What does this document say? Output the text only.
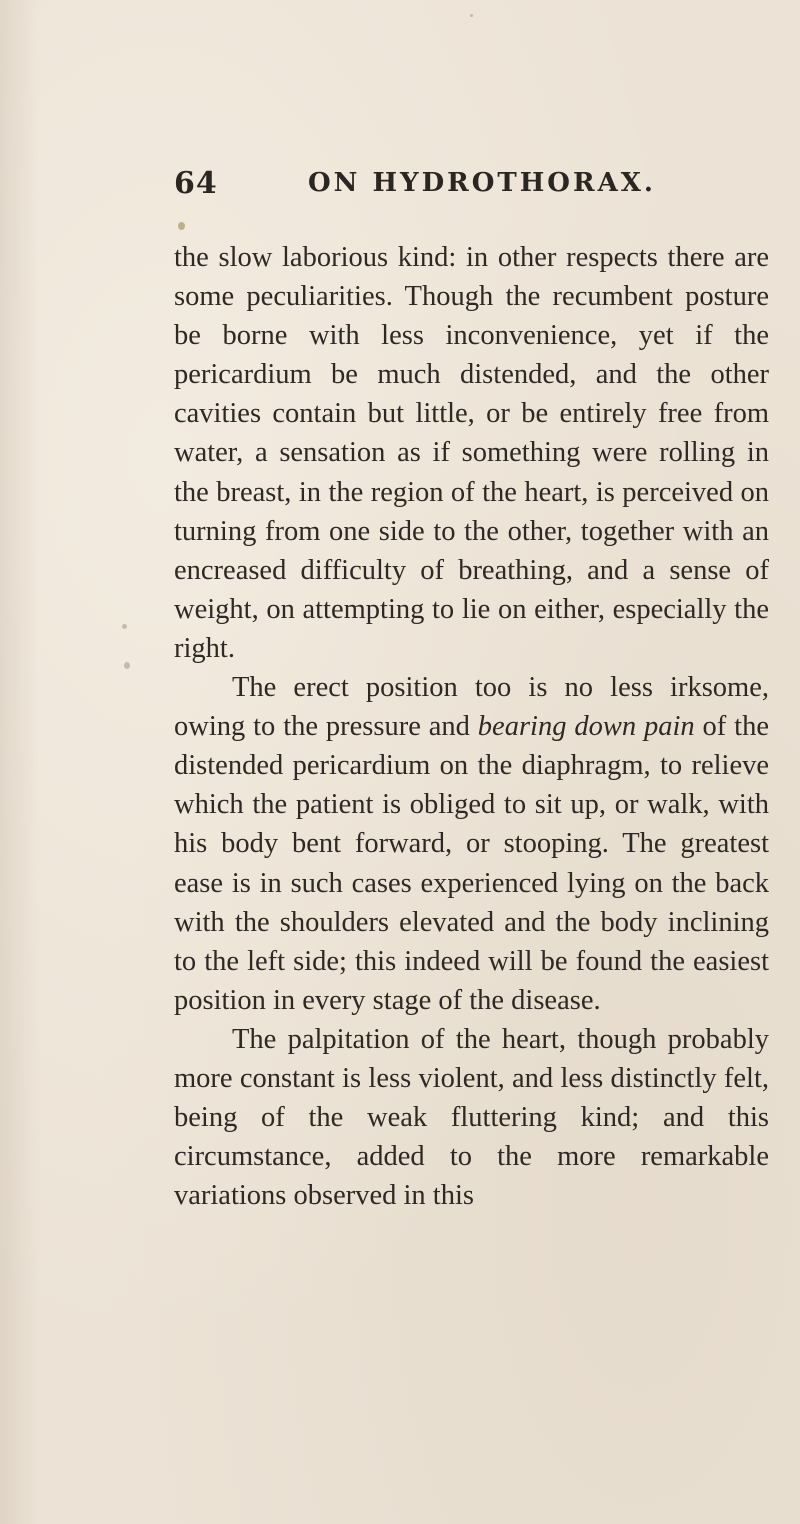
64	ON HYDROTHORAX.

the slow laborious kind: in other respects there are some peculiarities. Though the recumbent posture be borne with less inconvenience, yet if the pericardium be much distended, and the other cavities contain but little, or be entirely free from water, a sensation as if something were rolling in the breast, in the region of the heart, is perceived on turning from one side to the other, together with an encreased difficulty of breathing, and a sense of weight, on attempting to lie on either, especially the right.

The erect position too is no less irksome, owing to the pressure and bearing down pain of the distended pericardium on the diaphragm, to relieve which the patient is obliged to sit up, or walk, with his body bent forward, or stooping. The greatest ease is in such cases experienced lying on the back with the shoulders elevated and the body inclining to the left side; this indeed will be found the easiest position in every stage of the disease.

The palpitation of the heart, though probably more constant is less violent, and less distinctly felt, being of the weak fluttering kind; and this circumstance, added to the more remarkable variations observed in this
